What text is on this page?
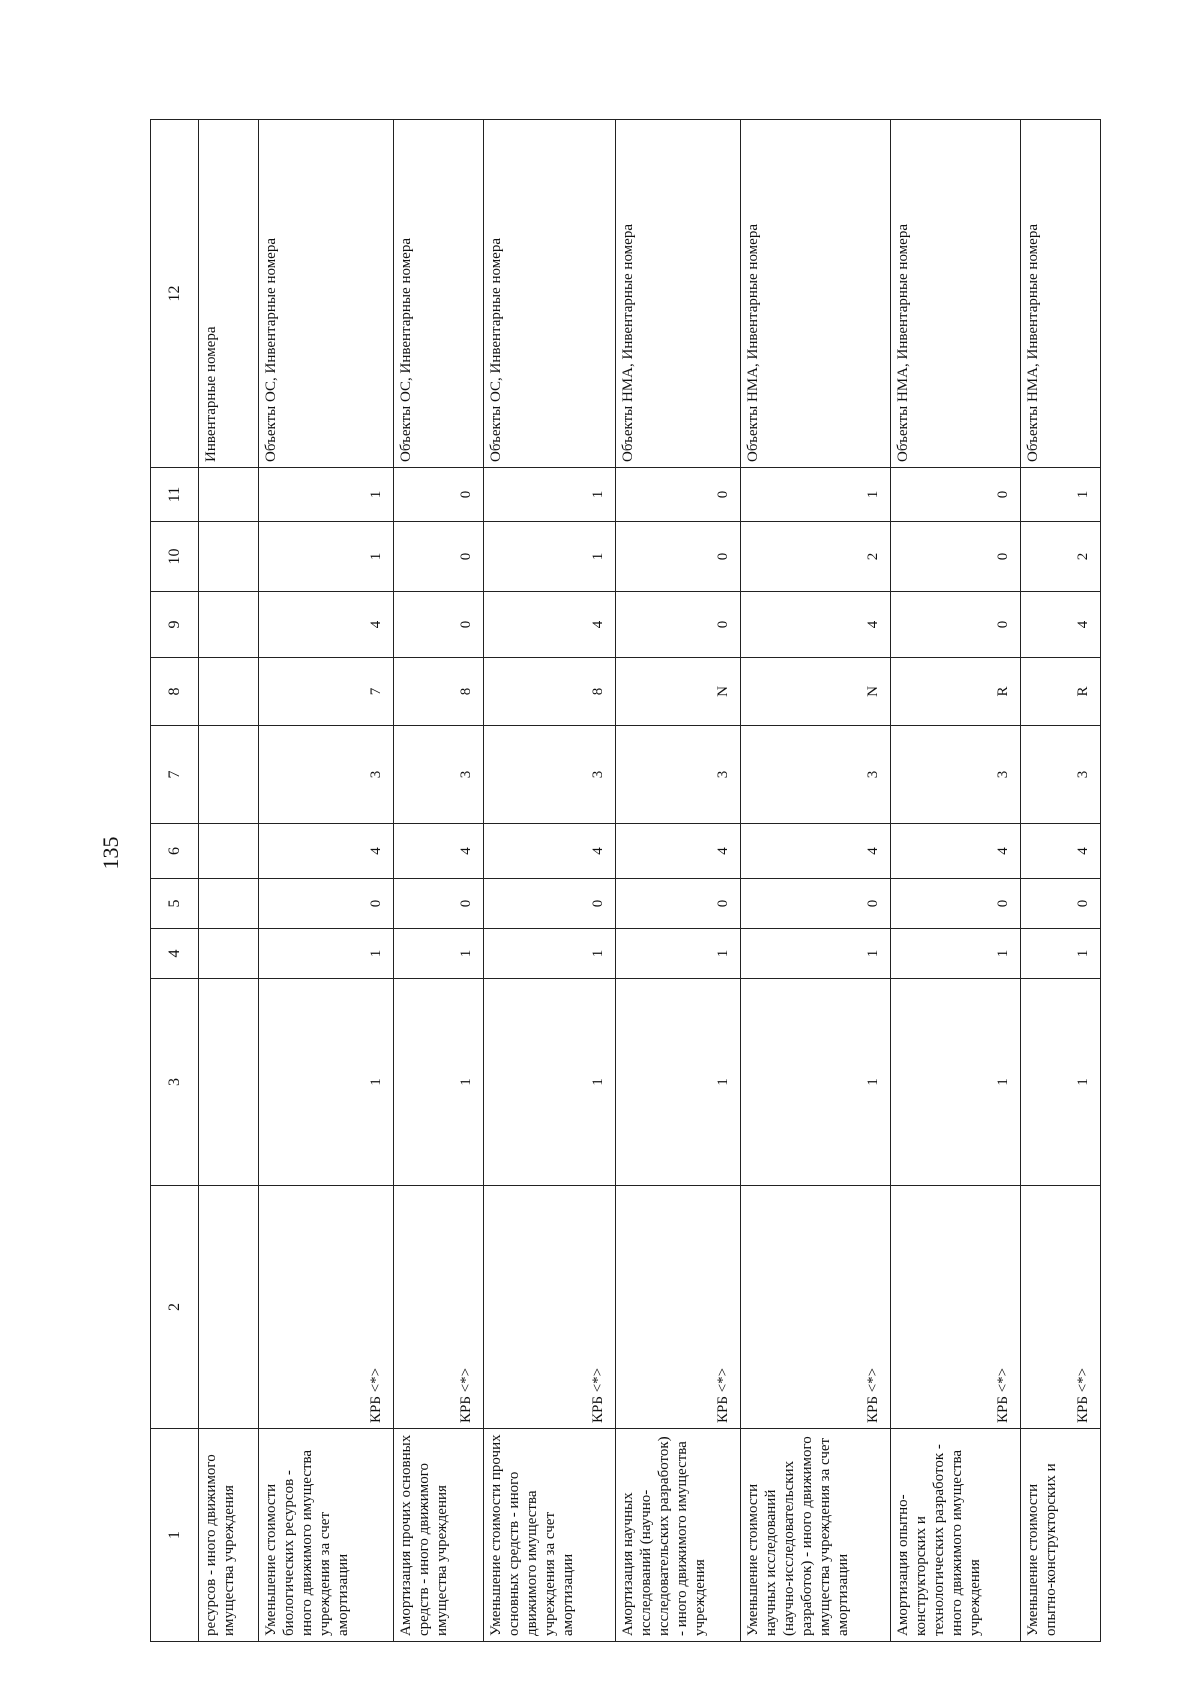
135
1	2	3	4	5	6	7	8	9	10	11	12
ресурсов - иного движимого имущества учреждения											Инвентарные номера
Уменьшение стоимости биологических ресурсов - иного движимого имущества учреждения за счет амортизации	КРБ <*>	1	1	0	4	3	7	4	1	1	Объекты ОС, Инвентарные номера
Амортизация прочих основных средств - иного движимого имущества учреждения	КРБ <*>	1	1	0	4	3	8	0	0	0	Объекты ОС, Инвентарные номера
Уменьшение стоимости прочих основных средств - иного движимого имущества учреждения за счет амортизации	КРБ <*>	1	1	0	4	3	8	4	1	1	Объекты ОС, Инвентарные номера
Амортизация научных исследований (научно-исследовательских разработок) - иного движимого имущества учреждения	КРБ <*>	1	1	0	4	3	N	0	0	0	Объекты НМА, Инвентарные номера
Уменьшение стоимости научных исследований (научно-исследовательских разработок) - иного движимого имущества учреждения за счет амортизации	КРБ <*>	1	1	0	4	3	N	4	2	1	Объекты НМА, Инвентарные номера
Амортизация опытно-конструкторских и технологических разработок - иного движимого имущества учреждения	КРБ <*>	1	1	0	4	3	R	0	0	0	Объекты НМА, Инвентарные номера
Уменьшение стоимости опытно-конструкторских и	КРБ <*>	1	1	0	4	3	R	4	2	1	Объекты НМА, Инвентарные номера
